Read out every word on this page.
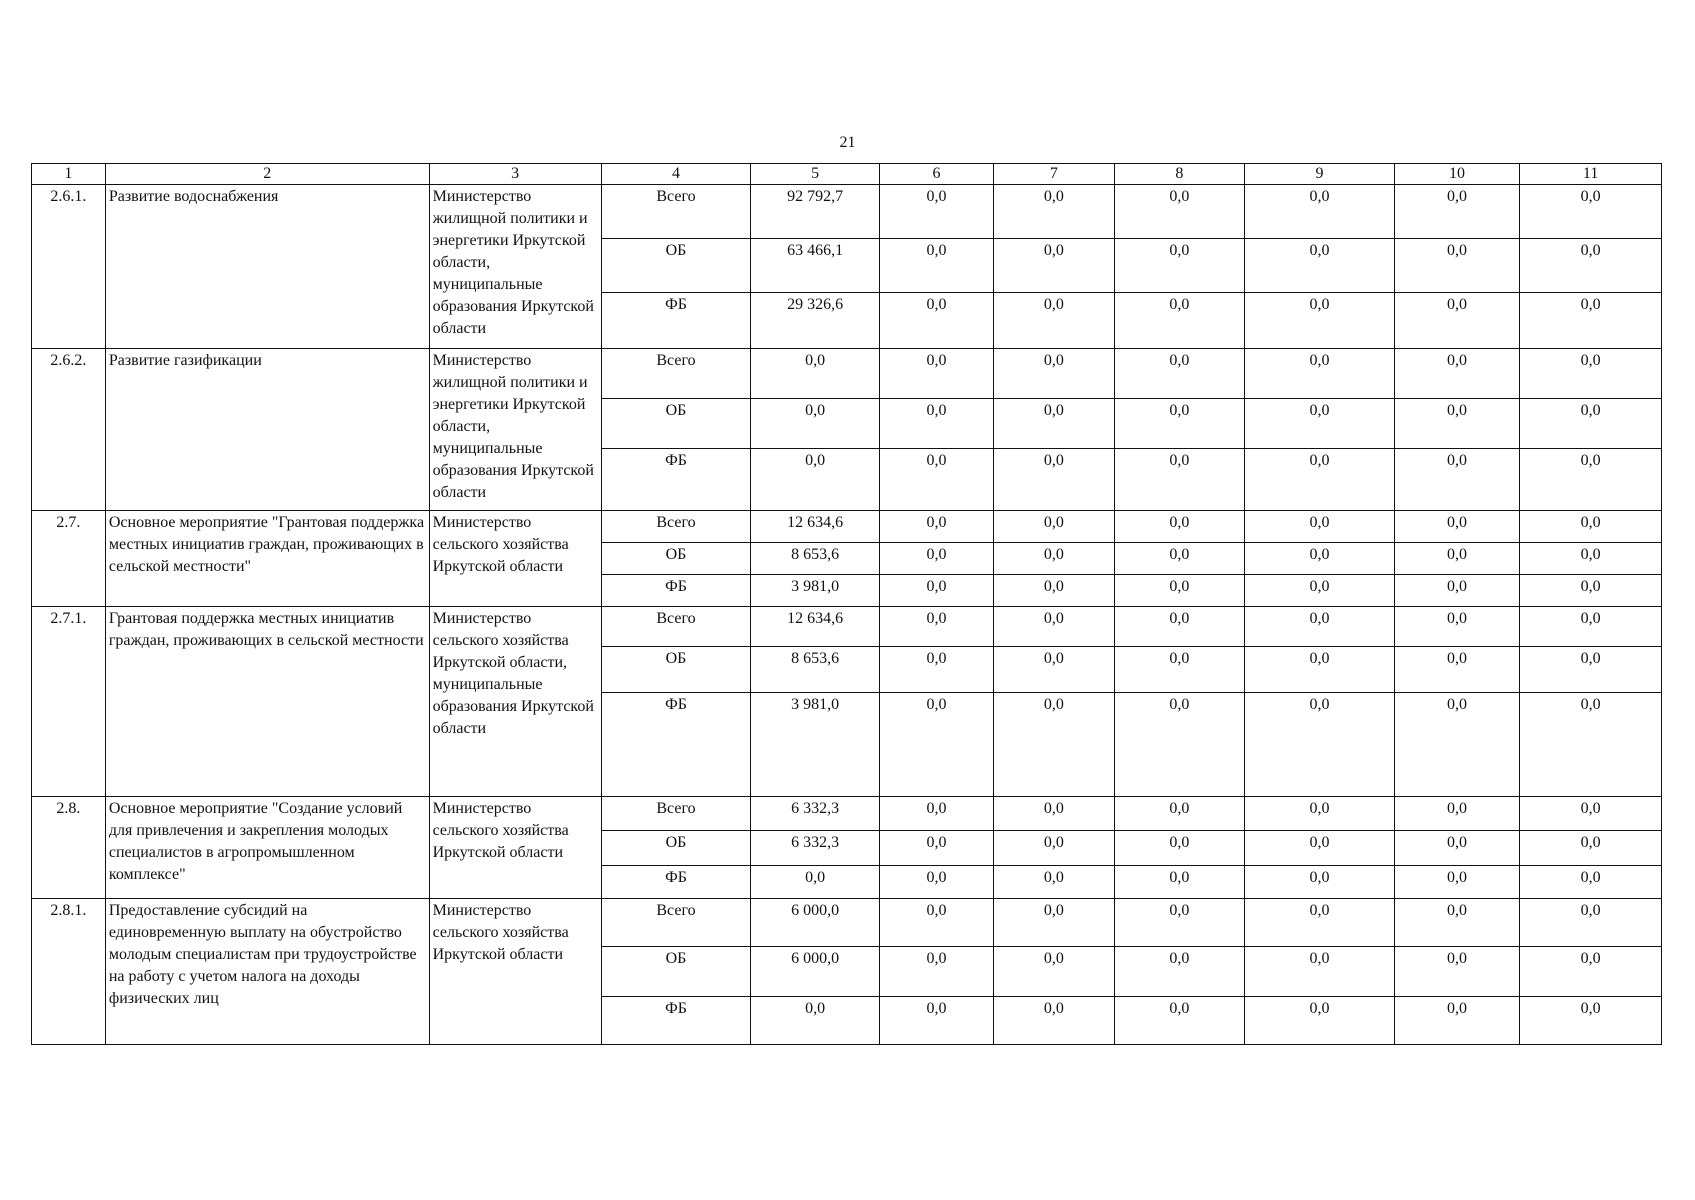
21
1	2	3	4	5	6	7	8	9	10	11
2.6.1.	Развитие водоснабжения	Министерство жилищной политики и энергетики Иркутской области, муниципальные образования Иркутской области	Всего	92 792,7	0,0	0,0	0,0	0,0	0,0	0,0
			ОБ	63 466,1	0,0	0,0	0,0	0,0	0,0	0,0
			ФБ	29 326,6	0,0	0,0	0,0	0,0	0,0	0,0
2.6.2.	Развитие газификации	Министерство жилищной политики и энергетики Иркутской области, муниципальные образования Иркутской области	Всего	0,0	0,0	0,0	0,0	0,0	0,0	0,0
			ОБ	0,0	0,0	0,0	0,0	0,0	0,0	0,0
			ФБ	0,0	0,0	0,0	0,0	0,0	0,0	0,0
2.7.	Основное мероприятие "Грантовая поддержка местных инициатив граждан, проживающих в сельской местности"	Министерство сельского хозяйства Иркутской области	Всего	12 634,6	0,0	0,0	0,0	0,0	0,0	0,0
			ОБ	8 653,6	0,0	0,0	0,0	0,0	0,0	0,0
			ФБ	3 981,0	0,0	0,0	0,0	0,0	0,0	0,0
2.7.1.	Грантовая поддержка местных инициатив граждан, проживающих в сельской местности	Министерство сельского хозяйства Иркутской области, муниципальные образования Иркутской области	Всего	12 634,6	0,0	0,0	0,0	0,0	0,0	0,0
			ОБ	8 653,6	0,0	0,0	0,0	0,0	0,0	0,0
			ФБ	3 981,0	0,0	0,0	0,0	0,0	0,0	0,0
2.8.	Основное мероприятие "Создание условий для привлечения и закрепления молодых специалистов в агропромышленном комплексе"	Министерство сельского хозяйства Иркутской области	Всего	6 332,3	0,0	0,0	0,0	0,0	0,0	0,0
			ОБ	6 332,3	0,0	0,0	0,0	0,0	0,0	0,0
			ФБ	0,0	0,0	0,0	0,0	0,0	0,0	0,0
2.8.1.	Предоставление субсидий на единовременную выплату на обустройство молодым специалистам при трудоустройстве на работу с учетом налога на доходы физических лиц	Министерство сельского хозяйства Иркутской области	Всего	6 000,0	0,0	0,0	0,0	0,0	0,0	0,0
			ОБ	6 000,0	0,0	0,0	0,0	0,0	0,0	0,0
			ФБ	0,0	0,0	0,0	0,0	0,0	0,0	0,0
